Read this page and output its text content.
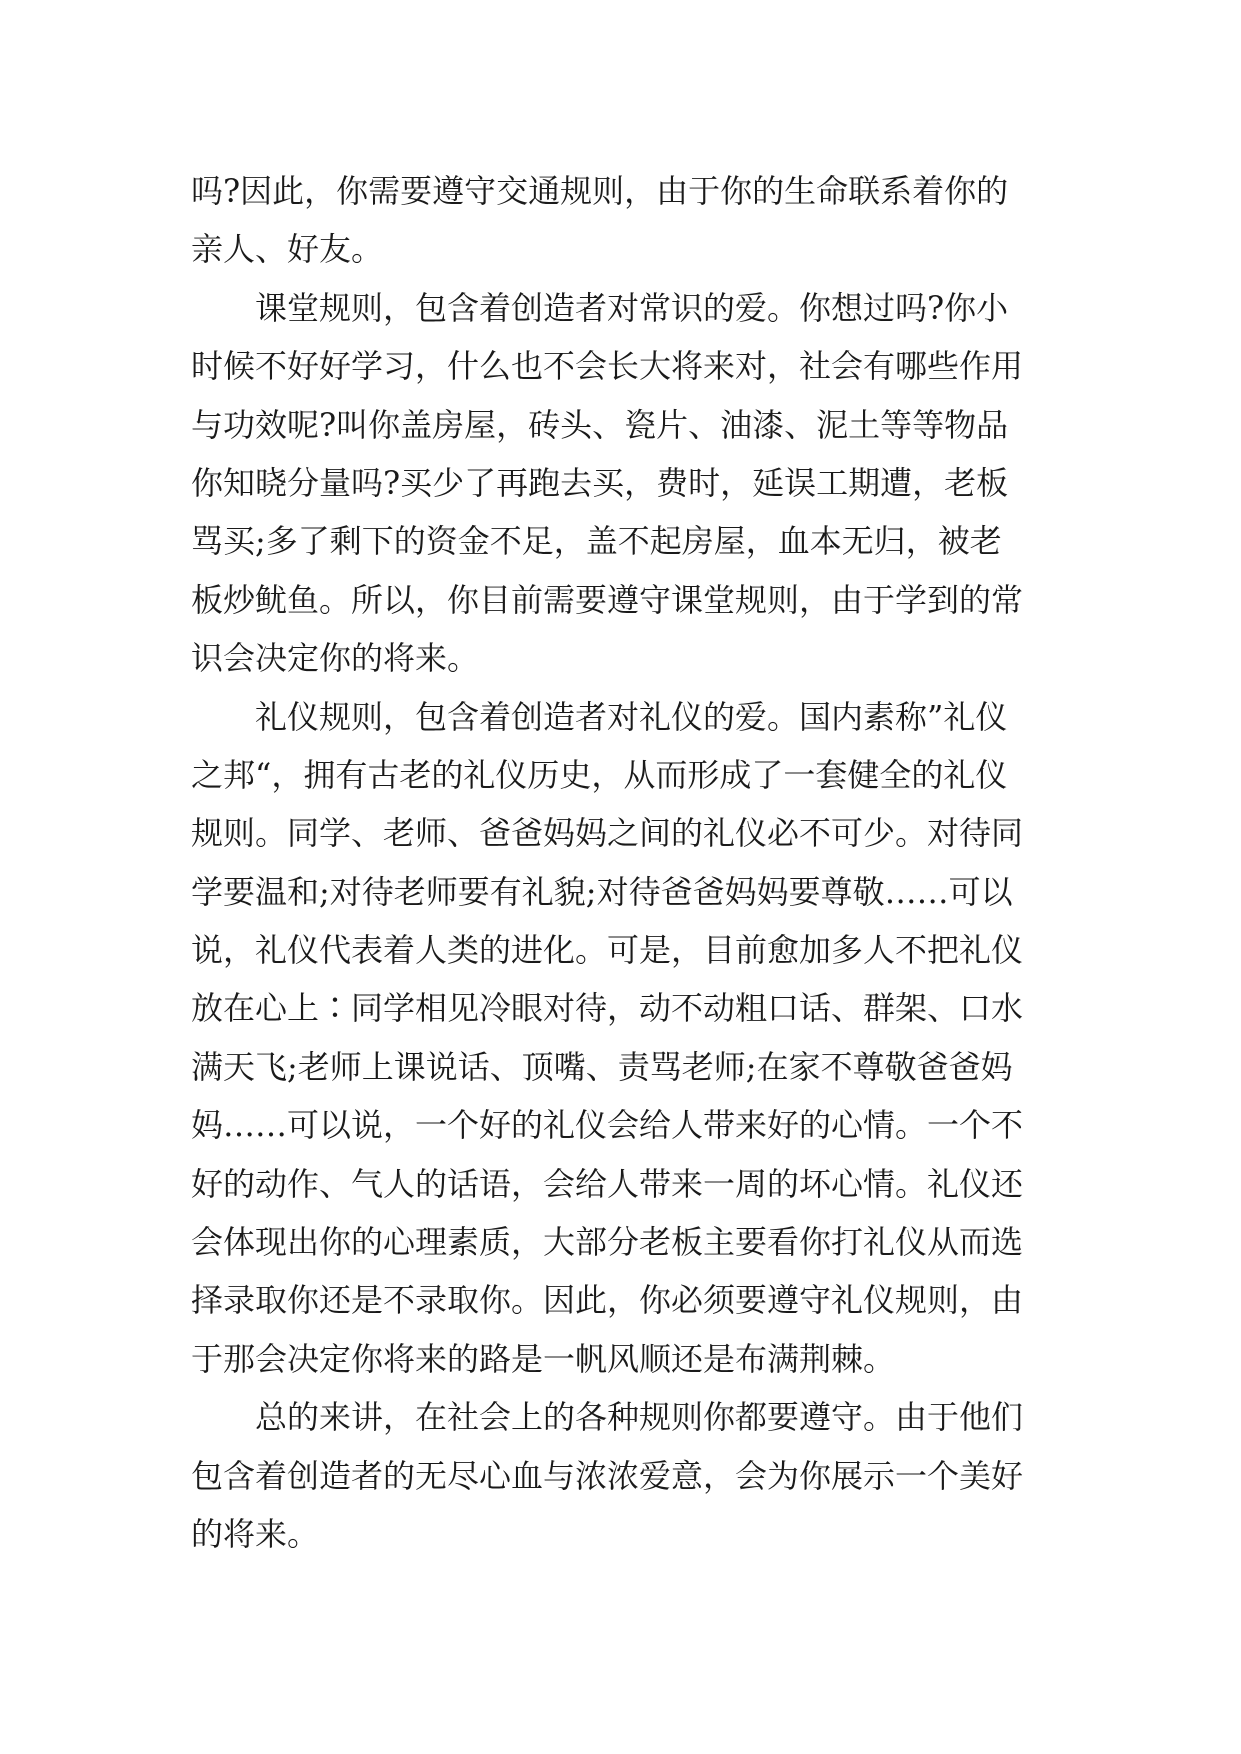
吗?因此，你需要遵守交通规则，由于你的生命联系着你的
亲人、好友。

　　课堂规则，包含着创造者对常识的爱。你想过吗?你小
时候不好好学习，什么也不会长大将来对，社会有哪些作用
与功效呢?叫你盖房屋，砖头、瓷片、油漆、泥土等等物品
你知晓分量吗?买少了再跑去买，费时，延误工期遭，老板
骂买;多了剩下的资金不足，盖不起房屋，血本无归，被老
板炒鱿鱼。所以，你目前需要遵守课堂规则，由于学到的常
识会决定你的将来。

　　礼仪规则，包含着创造者对礼仪的爱。国内素称”礼仪
之邦“，拥有古老的礼仪历史，从而形成了一套健全的礼仪
规则。同学、老师、爸爸妈妈之间的礼仪必不可少。对待同
学要温和;对待老师要有礼貌;对待爸爸妈妈要尊敬……可以
说，礼仪代表着人类的进化。可是，目前愈加多人不把礼仪
放在心上∶同学相见冷眼对待，动不动粗口话、群架、口水
满天飞;老师上课说话、顶嘴、责骂老师;在家不尊敬爸爸妈
妈……可以说，一个好的礼仪会给人带来好的心情。一个不
好的动作、气人的话语，会给人带来一周的坏心情。礼仪还
会体现出你的心理素质，大部分老板主要看你打礼仪从而选
择录取你还是不录取你。因此，你必须要遵守礼仪规则，由
于那会决定你将来的路是一帆风顺还是布满荆棘。

　　总的来讲，在社会上的各种规则你都要遵守。由于他们
包含着创造者的无尽心血与浓浓爱意，会为你展示一个美好
的将来。
